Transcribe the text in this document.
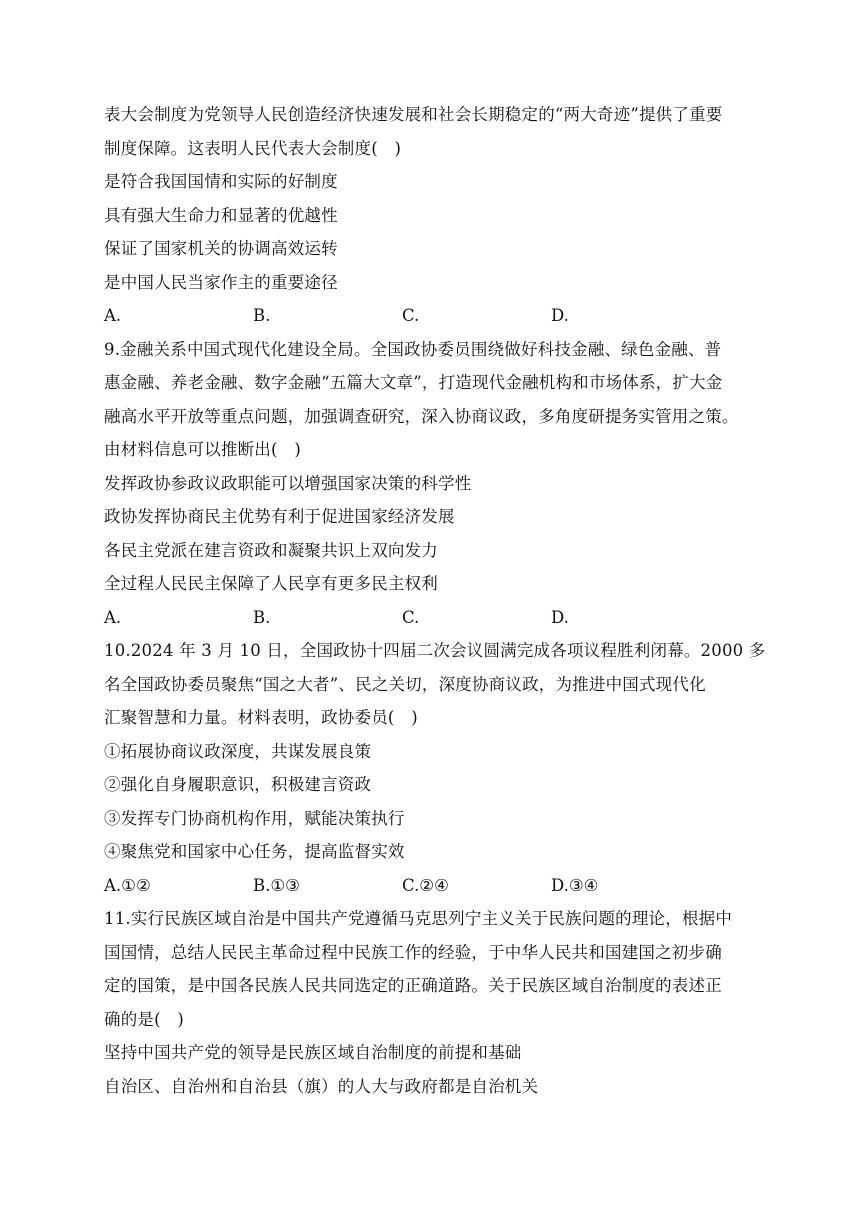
表大会制度为党领导人民创造经济快速发展和社会长期稳定的“两大奇迹”提供了重要
制度保障。这表明人民代表大会制度(　)
是符合我国国情和实际的好制度
具有强大生命力和显著的优越性
保证了国家机关的协调高效运转
是中国人民当家作主的重要途径
A.	B.	C.	D.
9.金融关系中国式现代化建设全局。全国政协委员围绕做好科技金融、绿色金融、普
惠金融、养老金融、数字金融“五篇大文章”，打造现代金融机构和市场体系，扩大金
融高水平开放等重点问题，加强调查研究，深入协商议政，多角度研提务实管用之策。
由材料信息可以推断出(　)
发挥政协参政议政职能可以增强国家决策的科学性
政协发挥协商民主优势有利于促进国家经济发展
各民主党派在建言资政和凝聚共识上双向发力
全过程人民民主保障了人民享有更多民主权利
A.	B.	C.	D.
10.2024 年 3 月 10 日，全国政协十四届二次会议圆满完成各项议程胜利闭幕。2000 多
名全国政协委员聚焦“国之大者”、民之关切，深度协商议政，为推进中国式现代化
汇聚智慧和力量。材料表明，政协委员(　)
①拓展协商议政深度，共谋发展良策
②强化自身履职意识，积极建言资政
③发挥专门协商机构作用，赋能决策执行
④聚焦党和国家中心任务，提高监督实效
A.①②	B.①③	C.②④	D.③④
11.实行民族区域自治是中国共产党遵循马克思列宁主义关于民族问题的理论，根据中
国国情，总结人民民主革命过程中民族工作的经验，于中华人民共和国建国之初步确
定的国策，是中国各民族人民共同选定的正确道路。关于民族区域自治制度的表述正
确的是(　)
坚持中国共产党的领导是民族区域自治制度的前提和基础
自治区、自治州和自治县（旗）的人大与政府都是自治机关
